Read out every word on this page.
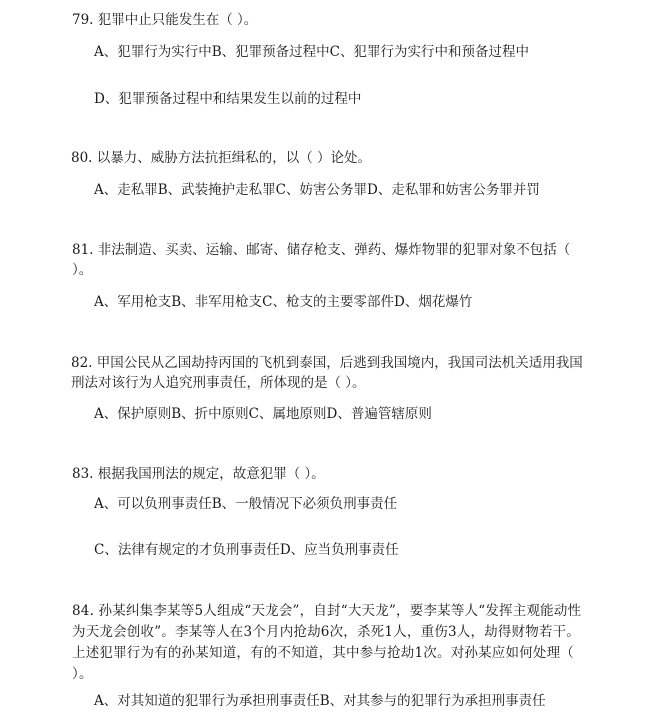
79. 犯罪中止只能发生在（ ）。
A、犯罪行为实行中B、犯罪预备过程中C、犯罪行为实行中和预备过程中
D、犯罪预备过程中和结果发生以前的过程中
80. 以暴力、威胁方法抗拒缉私的，以（ ）论处。
A、走私罪B、武装掩护走私罪C、妨害公务罪D、走私罪和妨害公务罪并罚
81. 非法制造、买卖、运输、邮寄、储存枪支、弹药、爆炸物罪的犯罪对象不包括（ ）。
A、军用枪支B、非军用枪支C、枪支的主要零部件D、烟花爆竹
82. 甲国公民从乙国劫持丙国的飞机到泰国，后逃到我国境内，我国司法机关适用我国刑法对该行为人追究刑事责任，所体现的是（ ）。
A、保护原则B、折中原则C、属地原则D、普遍管辖原则
83. 根据我国刑法的规定，故意犯罪（ ）。
A、可以负刑事责任B、一般情况下必须负刑事责任
C、法律有规定的才负刑事责任D、应当负刑事责任
84. 孙某纠集李某等5人组成“天龙会”，自封“大天龙”，要李某等人“发挥主观能动性为天龙会创收”。李某等人在3个月内抢劫6次，杀死1人，重伤3人，劫得财物若干。上述犯罪行为有的孙某知道，有的不知道，其中参与抢劫1次。对孙某应如何处理（ ）。
A、对其知道的犯罪行为承担刑事责任B、对其参与的犯罪行为承担刑事责任
